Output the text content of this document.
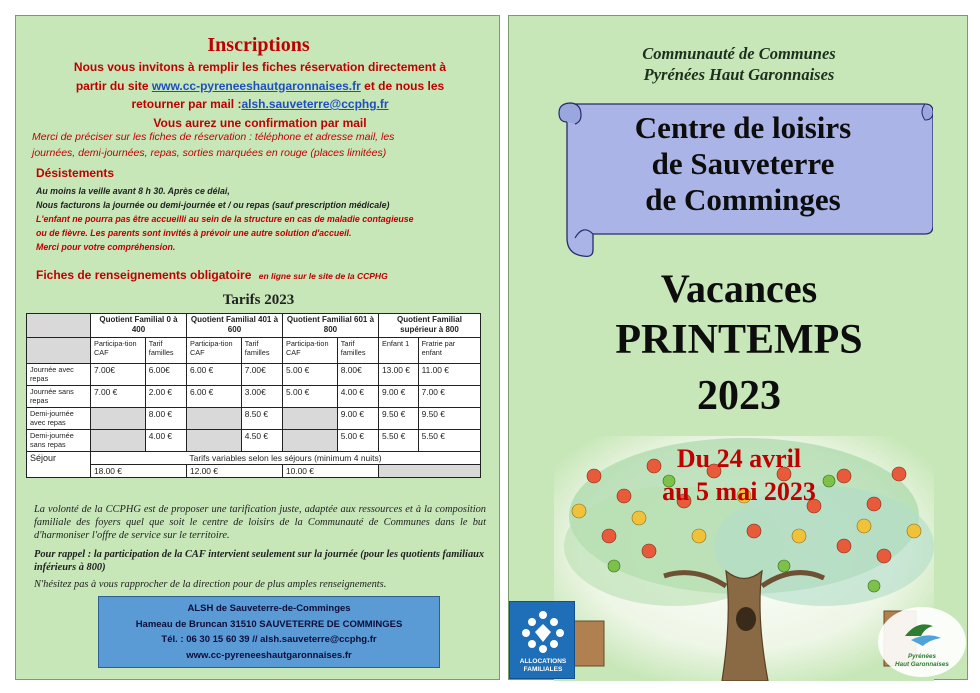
Inscriptions
Nous vous invitons à remplir les fiches réservation directement à
partir du site www.cc-pyreneeshautgaronnaises.fr et de nous les
retourner par mail :alsh.sauveterre@ccphg.fr
Vous aurez une confirmation par mail
Merci de préciser sur les fiches de réservation : téléphone et adresse mail, les
journées, demi-journées, repas, sorties marquées en rouge (places limitées)
Désistements
Au moins la veille avant 8 h 30. Après ce délai,
Nous facturons la journée ou demi-journée et / ou repas (sauf prescription médicale)
L'enfant ne pourra pas être accueilli au sein de la structure en cas de maladie contagieuse
ou de fièvre. Les parents sont invités à prévoir une autre solution d'accueil.
Merci pour votre compréhension.
Fiches de renseignements obligatoire en ligne sur le site de la CCPHG
Tarifs 2023
	Quotient Familial 0 à 400		Quotient Familial 401 à 600		Quotient Familial 601 à 800		Quotient Familial supérieur à 800	
	Participa-tion CAF	Tarif familles	Participa-tion CAF	Tarif familles	Participa-tion CAF	Tarif familles	Enfant 1	Fratrie par enfant
Journée avec repas	7.00€	6.00€	6.00 €	7.00€	5.00 €	8.00€	13.00 €	11.00 €
Journée sans repas	7.00 €	2.00 €	6.00 €	3.00€	5.00 €	4.00 €	9.00 €	7.00 €
Demi-journée avec repas		8.00 €		8.50 €		9.00 €	9.50 €	9.50 €
Demi-journée sans repas		4.00 €		4.50 €		5.00 €	5.50 €	5.50 €
Séjour	Tarifs variables selon les séjours (minimum 4 nuits)							
	18.00 €		12.00 €		10.00 €			
La volonté de la CCPHG est de proposer une tarification juste, adaptée aux ressources et à la composition familiale des foyers quel que soit le centre de loisirs de la Communauté de Communes dans le but d'harmoniser l'offre de service sur le territoire.
Pour rappel : la participation de la CAF intervient seulement sur la journée (pour les quotients familiaux inférieurs à 800)
N'hésitez pas à vous rapprocher de la direction pour de plus amples renseignements.
ALSH de Sauveterre-de-Comminges
Hameau de Bruncan 31510 SAUVETERRE DE COMMINGES
Tél. : 06 30 15 60 39 // alsh.sauveterre@ccphg.fr
www.cc-pyreneeshautgaronnaises.fr
Communauté de Communes
Pyrénées Haut Garonnaises
Centre de loisirs
de Sauveterre
de Comminges
Vacances
PRINTEMPS
2023
Du 24 avril
au 5 mai 2023
ALLOCATIONS
FAMILIALES
Pyrénées
Haut Garonnaises
